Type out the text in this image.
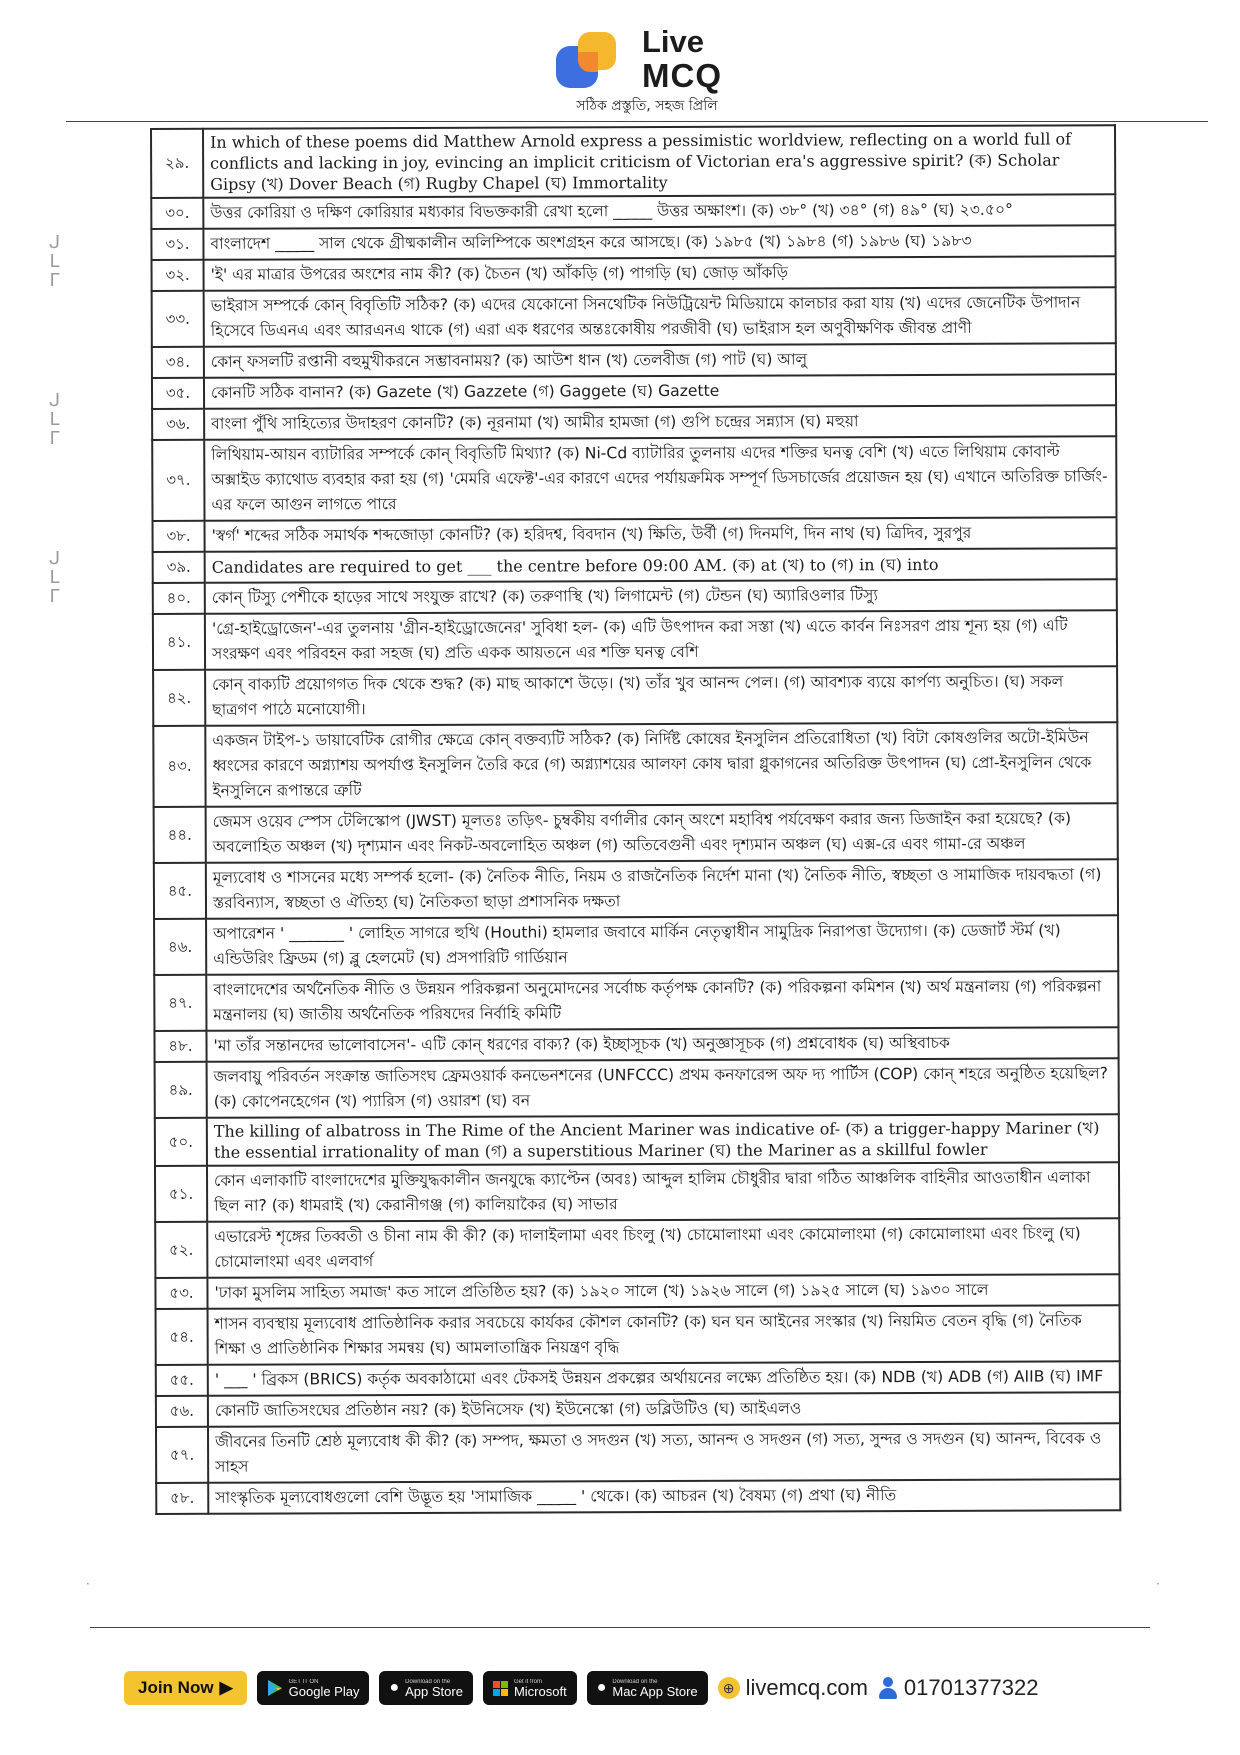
Live
MCQ
সঠিক প্রস্তুতি, সহজ প্রিলি
ᒍᒪᒥ
ᒍᒪᒥ
ᒍᒪᒥ
·	·
২৯.	In which of these poems did Matthew Arnold express a pessimistic worldview, reflecting on a world full of conflicts and lacking in joy, evincing an implicit criticism of Victorian era's aggressive spirit? (ক) Scholar Gipsy (খ) Dover Beach (গ) Rugby Chapel (ঘ) Immortality
৩০.	উত্তর কোরিয়া ও দক্ষিণ কোরিয়ার মধ্যকার বিভক্তকারী রেখা হলো _____ উত্তর অক্ষাংশ। (ক) ৩৮° (খ) ৩৪° (গ) ৪৯° (ঘ) ২৩.৫০°
৩১.	বাংলাদেশ _____ সাল থেকে গ্রীষ্মকালীন অলিম্পিকে অংশগ্রহন করে আসছে। (ক) ১৯৮৫ (খ) ১৯৮৪ (গ) ১৯৮৬ (ঘ) ১৯৮৩
৩২.	'ই' এর মাত্রার উপরের অংশের নাম কী? (ক) চৈতন (খ) আঁকড়ি (গ) পাগড়ি (ঘ) জোড় আঁকড়ি
৩৩.	ভাইরাস সম্পর্কে কোন্ বিবৃতিটি সঠিক? (ক) এদের যেকোনো সিনথেটিক নিউট্রিয়েন্ট মিডিয়ামে কালচার করা যায় (খ) এদের জেনেটিক উপাদান হিসেবে ডিএনএ এবং আরএনএ থাকে (গ) এরা এক ধরণের অন্তঃকোষীয় পরজীবী (ঘ) ভাইরাস হল অণুবীক্ষণিক জীবন্ত প্রাণী
৩৪.	কোন্ ফসলটি রপ্তানী বহুমুখীকরনে সম্ভাবনাময়? (ক) আউশ ধান (খ) তেলবীজ (গ) পাট (ঘ) আলু
৩৫.	কোনটি সঠিক বানান? (ক) Gazete (খ) Gazzete (গ) Gaggete (ঘ) Gazette
৩৬.	বাংলা পুঁথি সাহিত্যের উদাহরণ কোনটি? (ক) নূরনামা (খ) আমীর হামজা (গ) গুপি চন্দ্রের সন্ন্যাস (ঘ) মহুয়া
৩৭.	লিথিয়াম-আয়ন ব্যাটারির সম্পর্কে কোন্ বিবৃতিটি মিথ্যা? (ক) Ni-Cd ব্যাটারির তুলনায় এদের শক্তির ঘনত্ব বেশি (খ) এতে লিথিয়াম কোবাল্ট অক্সাইড ক্যাথোড ব্যবহার করা হয় (গ) 'মেমরি এফেক্ট'-এর কারণে এদের পর্যায়ক্রমিক সম্পূর্ণ ডিসচার্জের প্রয়োজন হয় (ঘ) এখানে অতিরিক্ত চার্জিং-এর ফলে আগুন লাগতে পারে
৩৮.	'স্বর্গ' শব্দের সঠিক সমার্থক শব্দজোড়া কোনটি? (ক) হরিদশ্ব, বিবদান (খ) ক্ষিতি, উর্বী (গ) দিনমণি, দিন নাথ (ঘ) ত্রিদিব, সুরপুর
৩৯.	Candidates are required to get ___ the centre before 09:00 AM. (ক) at (খ) to (গ) in (ঘ) into
৪০.	কোন্ টিস্যু পেশীকে হাড়ের সাথে সংযুক্ত রাখে? (ক) তরুণাস্থি (খ) লিগামেন্ট (গ) টেন্ডন (ঘ) অ্যারিওলার টিস্যু
৪১.	'গ্রে-হাইড্রোজেন'-এর তুলনায় 'গ্রীন-হাইড্রোজেনের' সুবিধা হল- (ক) এটি উৎপাদন করা সস্তা (খ) এতে কার্বন নিঃসরণ প্রায় শূন্য হয় (গ) এটি সংরক্ষণ এবং পরিবহন করা সহজ (ঘ) প্রতি একক আয়তনে এর শক্তি ঘনত্ব বেশি
৪২.	কোন্ বাক্যটি প্রয়োগগত দিক থেকে শুদ্ধ? (ক) মাছ আকাশে উড়ে। (খ) তাঁর খুব আনন্দ পেল। (গ) আবশ্যক ব্যয়ে কার্পণ্য অনুচিত। (ঘ) সকল ছাত্রগণ পাঠে মনোযোগী।
৪৩.	একজন টাইপ-১ ডায়াবেটিক রোগীর ক্ষেত্রে কোন্ বক্তব্যটি সঠিক? (ক) নির্দিষ্ট কোষের ইনসুলিন প্রতিরোধিতা (খ) বিটা কোষগুলির অটো-ইমিউন ধ্বংসের কারণে অগ্ন্যাশয় অপর্যাপ্ত ইনসুলিন তৈরি করে (গ) অগ্ন্যাশয়ের আলফা কোষ দ্বারা গ্লুকাগনের অতিরিক্ত উৎপাদন (ঘ) প্রো-ইনসুলিন থেকে ইনসুলিনে রূপান্তরে ত্রুটি
৪৪.	জেমস ওয়েব স্পেস টেলিস্কোপ (JWST) মূলতঃ তড়িৎ- চুম্বকীয় বর্ণালীর কোন্ অংশে মহাবিশ্ব পর্যবেক্ষণ করার জন্য ডিজাইন করা হয়েছে? (ক) অবলোহিত অঞ্চল (খ) দৃশ্যমান এবং নিকট-অবলোহিত অঞ্চল (গ) অতিবেগুনী এবং দৃশ্যমান অঞ্চল (ঘ) এক্স-রে এবং গামা-রে অঞ্চল
৪৫.	মূল্যবোধ ও শাসনের মধ্যে সম্পর্ক হলো- (ক) নৈতিক নীতি, নিয়ম ও রাজনৈতিক নির্দেশ মানা (খ) নৈতিক নীতি, স্বচ্ছতা ও সামাজিক দায়বদ্ধতা (গ) স্তরবিন্যাস, স্বচ্ছতা ও ঐতিহ্য (ঘ) নৈতিকতা ছাড়া প্রশাসনিক দক্ষতা
৪৬.	অপারেশন ' _______ ' লোহিত সাগরে হুথি (Houthi) হামলার জবাবে মার্কিন নেতৃত্বাধীন সামুদ্রিক নিরাপত্তা উদ্যোগ। (ক) ডেজার্ট স্টর্ম (খ) এন্ডিউরিং ফ্রিডম (গ) ব্লু হেলমেট (ঘ) প্রসপারিটি গার্ডিয়ান
৪৭.	বাংলাদেশের অর্থনৈতিক নীতি ও উন্নয়ন পরিকল্পনা অনুমোদনের সর্বোচ্চ কর্তৃপক্ষ কোনটি? (ক) পরিকল্পনা কমিশন (খ) অর্থ মন্ত্রনালয় (গ) পরিকল্পনা মন্ত্রনালয় (ঘ) জাতীয় অর্থনৈতিক পরিষদের নির্বাহি কমিটি
৪৮.	'মা তাঁর সন্তানদের ভালোবাসেন'- এটি কোন্ ধরণের বাক্য? (ক) ইচ্ছাসূচক (খ) অনুজ্ঞাসূচক (গ) প্রশ্নবোধক (ঘ) অস্থিবাচক
৪৯.	জলবায়ু পরিবর্তন সংক্রান্ত জাতিসংঘ ফ্রেমওয়ার্ক কনভেনশনের (UNFCCC) প্রথম কনফারেন্স অফ দ্য পার্টিস (COP) কোন্ শহরে অনুষ্ঠিত হয়েছিল? (ক) কোপেনহেগেন (খ) প্যারিস (গ) ওয়ারশ (ঘ) বন
৫০.	The killing of albatross in The Rime of the Ancient Mariner was indicative of- (ক) a trigger-happy Mariner (খ) the essential irrationality of man (গ) a superstitious Mariner (ঘ) the Mariner as a skillful fowler
৫১.	কোন এলাকাটি বাংলাদেশের মুক্তিযুদ্ধকালীন জনযুদ্ধে ক্যাপ্টেন (অবঃ) আব্দুল হালিম চৌধুরীর দ্বারা গঠিত আঞ্চলিক বাহিনীর আওতাধীন এলাকা ছিল না? (ক) ধামরাই (খ) কেরানীগঞ্জ (গ) কালিয়াকৈর (ঘ) সাভার
৫২.	এভারেস্ট শৃঙ্গের তিব্বতী ও চীনা নাম কী কী? (ক) দালাইলামা এবং চিংলু (খ) চোমোলাংমা এবং কোমোলাংমা (গ) কোমোলাংমা এবং চিংলু (ঘ) চোমোলাংমা এবং এলবার্গ
৫৩.	'ঢাকা মুসলিম সাহিত্য সমাজ' কত সালে প্রতিষ্ঠিত হয়? (ক) ১৯২০ সালে (খ) ১৯২৬ সালে (গ) ১৯২৫ সালে (ঘ) ১৯৩০ সালে
৫৪.	শাসন ব্যবস্থায় মূল্যবোধ প্রাতিষ্ঠানিক করার সবচেয়ে কার্যকর কৌশল কোনটি? (ক) ঘন ঘন আইনের সংস্কার (খ) নিয়মিত বেতন বৃদ্ধি (গ) নৈতিক শিক্ষা ও প্রাতিষ্ঠানিক শিক্ষার সমন্বয় (ঘ) আমলাতান্ত্রিক নিয়ন্ত্রণ বৃদ্ধি
৫৫.	' ___ ' ব্রিকস (BRICS) কর্তৃক অবকাঠামো এবং টেকসই উন্নয়ন প্রকল্পের অর্থায়নের লক্ষ্যে প্রতিষ্ঠিত হয়। (ক) NDB (খ) ADB (গ) AIIB (ঘ) IMF
৫৬.	কোনটি জাতিসংঘের প্রতিষ্ঠান নয়? (ক) ইউনিসেফ (খ) ইউনেস্কো (গ) ডব্লিউটিও (ঘ) আইএলও
৫৭.	জীবনের তিনটি শ্রেষ্ঠ মূল্যবোধ কী কী? (ক) সম্পদ, ক্ষমতা ও সদগুন (খ) সত্য, আনন্দ ও সদগুন (গ) সত্য, সুন্দর ও সদগুন (ঘ) আনন্দ, বিবেক ও সাহস
৫৮.	সাংস্কৃতিক মূল্যবোধগুলো বেশি উদ্ভূত হয় 'সামাজিক _____ ' থেকে। (ক) আচরন (খ) বৈষম্য (গ) প্রথা (ঘ) নীতি
Join Now ▶	GET IT ON
Google Play ● Download on the
App Store
Get it from
Microsoft ● Download on the
Mac App Store	⊕ livemcq.com 01701377322
